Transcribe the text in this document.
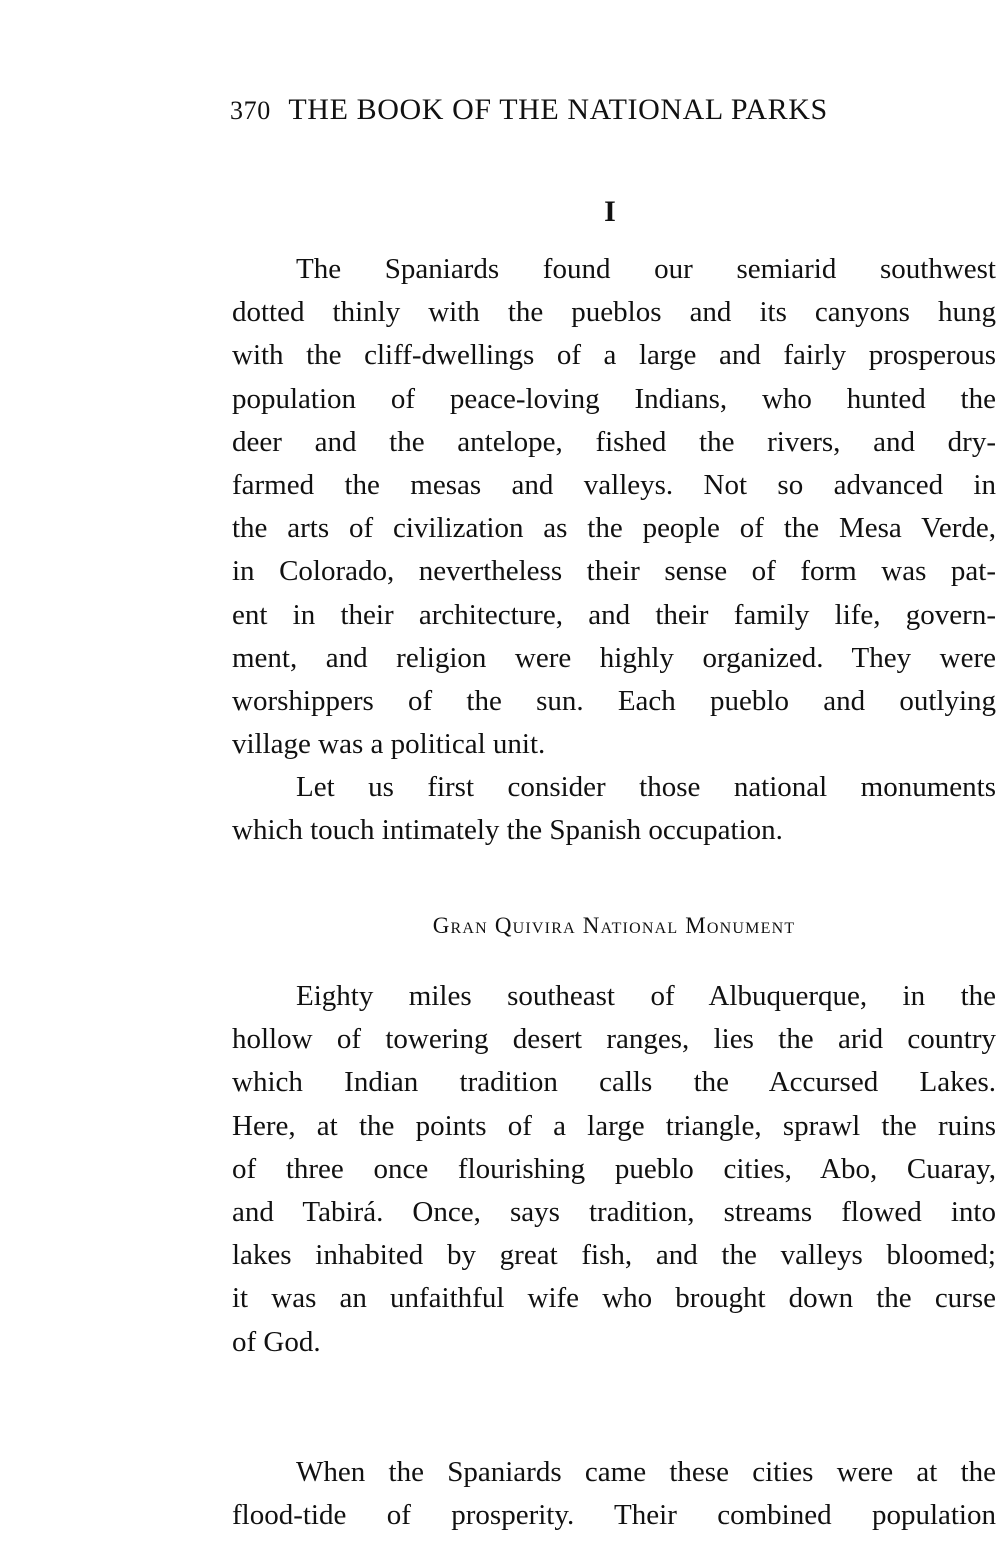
370 THE BOOK OF THE NATIONAL PARKS
I
The Spaniards found our semiarid southwest
dotted thinly with the pueblos and its canyons hung
with the cliff-dwellings of a large and fairly prosperous
population of peace-loving Indians, who hunted the
deer and the antelope, fished the rivers, and dry-
farmed the mesas and valleys. Not so advanced in
the arts of civilization as the people of the Mesa Verde,
in Colorado, nevertheless their sense of form was pat-
ent in their architecture, and their family life, govern-
ment, and religion were highly organized. They were
worshippers of the sun. Each pueblo and outlying
village was a political unit.
Let us first consider those national monuments
which touch intimately the Spanish occupation.
Gran Quivira National Monument
Eighty miles southeast of Albuquerque, in the
hollow of towering desert ranges, lies the arid country
which Indian tradition calls the Accursed Lakes.
Here, at the points of a large triangle, sprawl the ruins
of three once flourishing pueblo cities, Abo, Cuaray,
and Tabirá. Once, says tradition, streams flowed into
lakes inhabited by great fish, and the valleys bloomed;
it was an unfaithful wife who brought down the curse
of God.
When the Spaniards came these cities were at the
flood-tide of prosperity. Their combined population
